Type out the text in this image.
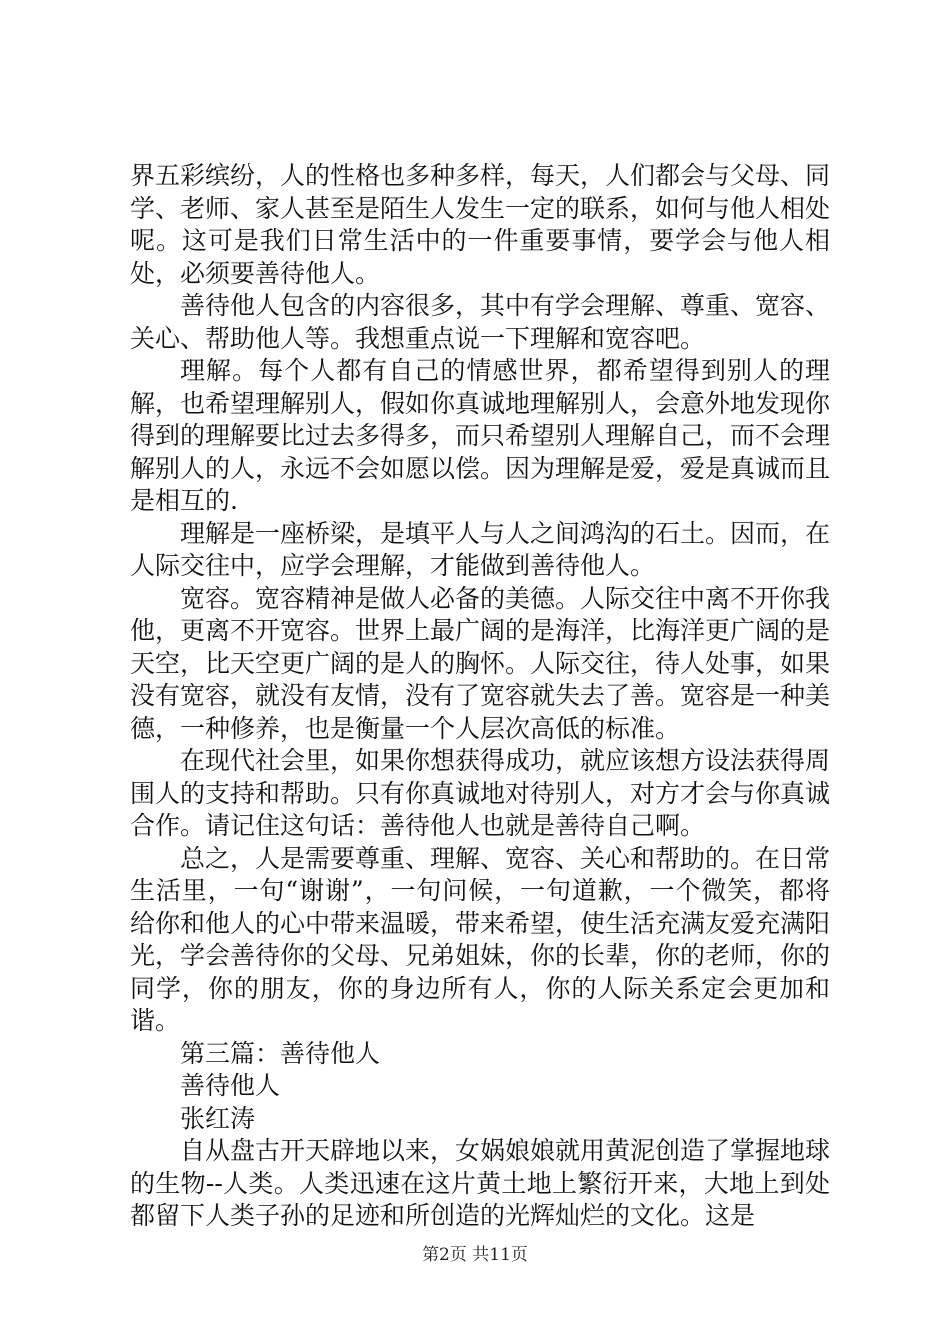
界五彩缤纷，人的性格也多种多样，每天，人们都会与父母、同学、老师、家人甚至是陌生人发生一定的联系，如何与他人相处呢。这可是我们日常生活中的一件重要事情，要学会与他人相处，必须要善待他人。

善待他人包含的内容很多，其中有学会理解、尊重、宽容、关心、帮助他人等。我想重点说一下理解和宽容吧。

理解。每个人都有自己的情感世界，都希望得到别人的理解，也希望理解别人，假如你真诚地理解别人，会意外地发现你得到的理解要比过去多得多，而只希望别人理解自己，而不会理解别人的人，永远不会如愿以偿。因为理解是爱，爱是真诚而且是相互的.

理解是一座桥梁，是填平人与人之间鸿沟的石土。因而，在人际交往中，应学会理解，才能做到善待他人。

宽容。宽容精神是做人必备的美德。人际交往中离不开你我他，更离不开宽容。世界上最广阔的是海洋，比海洋更广阔的是天空，比天空更广阔的是人的胸怀。人际交往，待人处事，如果没有宽容，就没有友情，没有了宽容就失去了善。宽容是一种美德，一种修养，也是衡量一个人层次高低的标准。

在现代社会里，如果你想获得成功，就应该想方设法获得周围人的支持和帮助。只有你真诚地对待别人，对方才会与你真诚合作。请记住这句话：善待他人也就是善待自己啊。

总之，人是需要尊重、理解、宽容、关心和帮助的。在日常生活里，一句“谢谢”，一句问候，一句道歉，一个微笑，都将给你和他人的心中带来温暖，带来希望，使生活充满友爱充满阳光，学会善待你的父母、兄弟姐妹，你的长辈，你的老师，你的同学，你的朋友，你的身边所有人，你的人际关系定会更加和谐。

第三篇：善待他人

善待他人

张红涛

自从盘古开天辟地以来，女娲娘娘就用黄泥创造了掌握地球的生物--人类。人类迅速在这片黄土地上繁衍开来，大地上到处都留下人类子孙的足迹和所创造的光辉灿烂的文化。这是

第2页 共11页
